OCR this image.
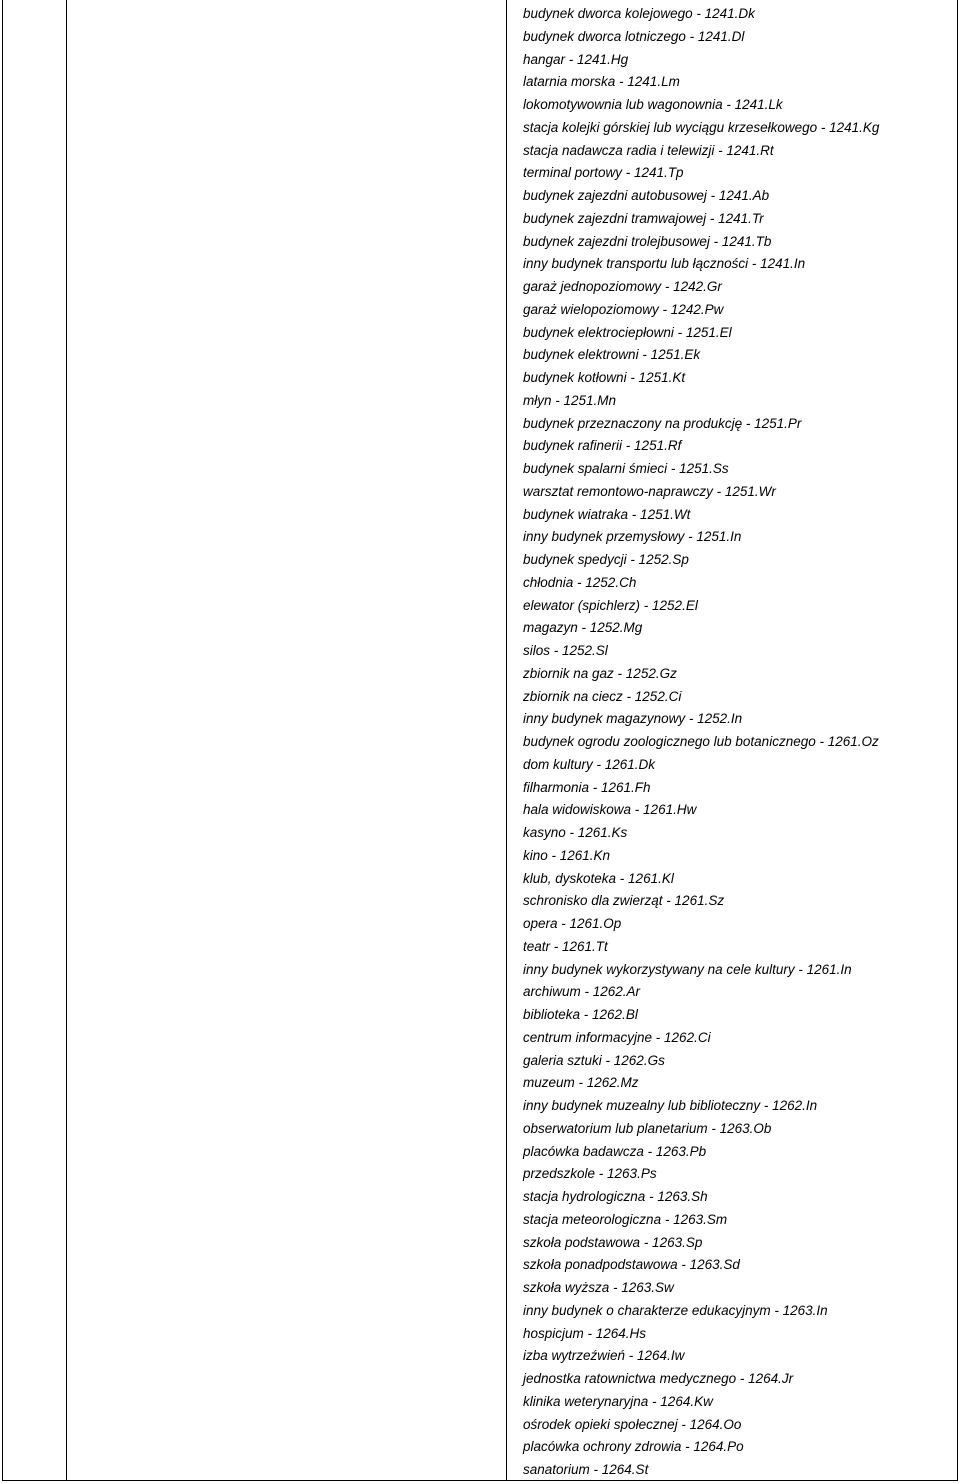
budynek dworca kolejowego - 1241.Dk
budynek dworca lotniczego - 1241.Dl
hangar - 1241.Hg
latarnia morska - 1241.Lm
lokomotywownia lub wagonownia - 1241.Lk
stacja kolejki górskiej lub wyciągu krzesełkowego - 1241.Kg
stacja nadawcza radia i telewizji - 1241.Rt
terminal portowy - 1241.Tp
budynek zajezdni autobusowej - 1241.Ab
budynek zajezdni tramwajowej - 1241.Tr
budynek zajezdni trolejbusowej - 1241.Tb
inny budynek transportu lub łączności - 1241.In
garaż jednopoziomowy - 1242.Gr
garaż wielopoziomowy - 1242.Pw
budynek elektrociepłowni - 1251.El
budynek elektrowni - 1251.Ek
budynek kotłowni - 1251.Kt
młyn - 1251.Mn
budynek przeznaczony na produkcję - 1251.Pr
budynek rafinerii - 1251.Rf
budynek spalarni śmieci - 1251.Ss
warsztat remontowo-naprawczy - 1251.Wr
budynek wiatraka - 1251.Wt
inny budynek przemysłowy - 1251.In
budynek spedycji - 1252.Sp
chłodnia - 1252.Ch
elewator (spichlerz) - 1252.El
magazyn - 1252.Mg
silos - 1252.Sl
zbiornik na gaz - 1252.Gz
zbiornik na ciecz - 1252.Ci
inny budynek magazynowy - 1252.In
budynek ogrodu zoologicznego lub botanicznego - 1261.Oz
dom kultury - 1261.Dk
filharmonia - 1261.Fh
hala widowiskowa - 1261.Hw
kasyno - 1261.Ks
kino - 1261.Kn
klub, dyskoteka - 1261.Kl
schronisko dla zwierząt - 1261.Sz
opera - 1261.Op
teatr - 1261.Tt
inny budynek wykorzystywany na cele kultury - 1261.In
archiwum - 1262.Ar
biblioteka - 1262.Bl
centrum informacyjne - 1262.Ci
galeria sztuki - 1262.Gs
muzeum - 1262.Mz
inny budynek muzealny lub biblioteczny - 1262.In
obserwatorium lub planetarium - 1263.Ob
placówka badawcza - 1263.Pb
przedszkole - 1263.Ps
stacja hydrologiczna - 1263.Sh
stacja meteorologiczna - 1263.Sm
szkoła podstawowa - 1263.Sp
szkoła ponadpodstawowa - 1263.Sd
szkoła wyższa - 1263.Sw
inny budynek o charakterze edukacyjnym - 1263.In
hospicjum - 1264.Hs
izba wytrzeźwień - 1264.Iw
jednostka ratownictwa medycznego - 1264.Jr
klinika weterynaryjna - 1264.Kw
ośrodek opieki społecznej - 1264.Oo
placówka ochrony zdrowia - 1264.Po
sanatorium - 1264.St
